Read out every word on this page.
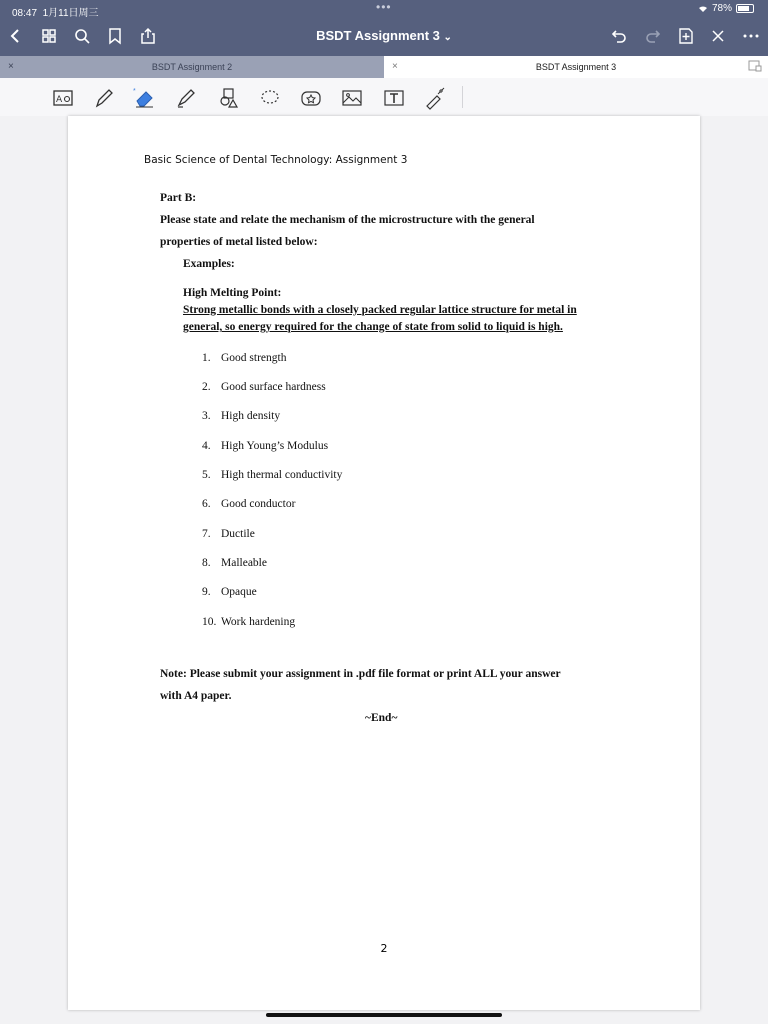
08:47 1月11日周三	•••	78%
BSDT Assignment 3 ⌄
×	BSDT Assignment 2	×	BSDT Assignment 3
A
*
Basic Science of Dental Technology: Assignment 3
Part B:
Please state and relate the mechanism of the microstructure with the general
properties of metal listed below:
Examples:
High Melting Point:
Strong metallic bonds with a closely packed regular lattice structure for metal in
general, so energy required for the change of state from solid to liquid is high.
1. Good strength
2. Good surface hardness
3. High density
4. High Young’s Modulus
5. High thermal conductivity
6. Good conductor
7. Ductile
8. Malleable
9. Opaque
10. Work hardening
Note: Please submit your assignment in .pdf file format or print ALL your answer
with A4 paper.
~End~
2
